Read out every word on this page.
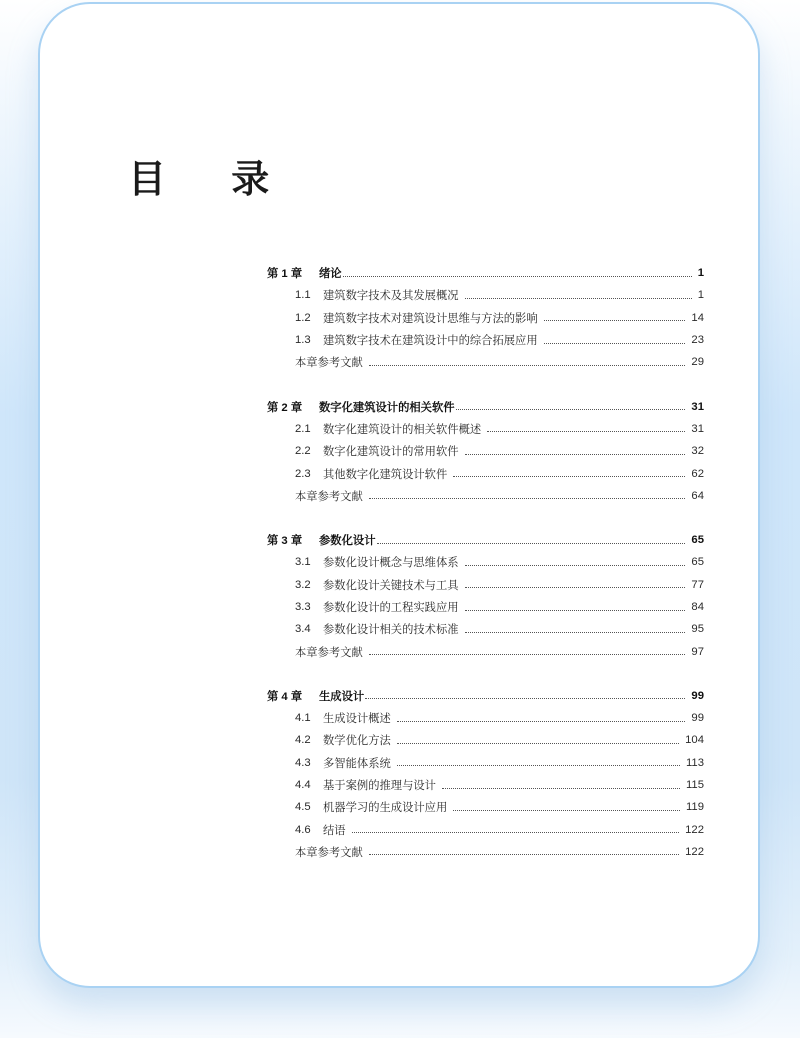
目 录
第 1 章	绪论	1
1.1	建筑数字技术及其发展概况	1
1.2	建筑数字技术对建筑设计思维与方法的影响	14
1.3	建筑数字技术在建筑设计中的综合拓展应用	23
本章参考文献	29
第 2 章	数字化建筑设计的相关软件	31
2.1	数字化建筑设计的相关软件概述	31
2.2	数字化建筑设计的常用软件	32
2.3	其他数字化建筑设计软件	62
本章参考文献	64
第 3 章	参数化设计	65
3.1	参数化设计概念与思维体系	65
3.2	参数化设计关键技术与工具	77
3.3	参数化设计的工程实践应用	84
3.4	参数化设计相关的技术标准	95
本章参考文献	97
第 4 章	生成设计	99
4.1	生成设计概述	99
4.2	数学优化方法	104
4.3	多智能体系统	113
4.4	基于案例的推理与设计	115
4.5	机器学习的生成设计应用	119
4.6	结语	122
本章参考文献	122
